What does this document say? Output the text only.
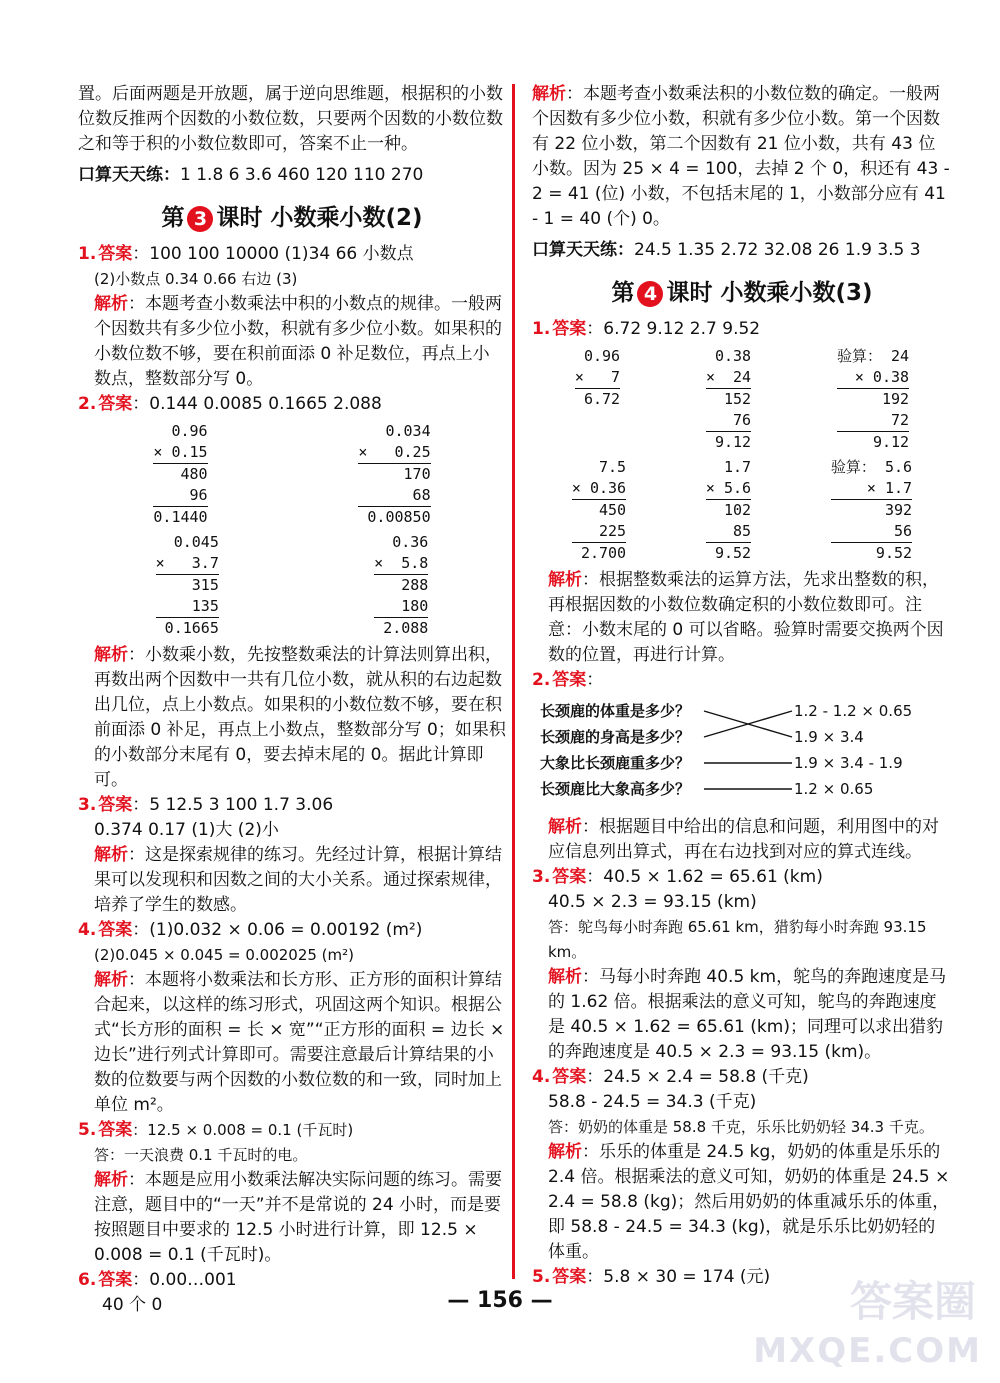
置。后面两题是开放题，属于逆向思维题，根据积的小数位数反推两个因数的小数位数，只要两个因数的小数位数之和等于积的小数位数即可，答案不止一种。

口算天天练：1 1.8 6 3.6 460 120 110 270

第 3 课时 小数乘小数(2)

1. 答案：100 100 10000 (1)34 66 小数点

(2)小数点 0.34 0.66 右边 (3)

解析：本题考查小数乘法中积的小数点的规律。一般两个因数共有多少位小数，积就有多少位小数。如果积的小数位数不够，要在积前面添 0 补足数位，再点上小数点，整数部分写 0。

2. 答案：0.144 0.0085 0.1665 2.088

0.96
× 0.15
480
96
0.1440
0.034
×   0.25
170
68
0.00850
0.045
×   3.7
315
135
0.1665
0.36
×  5.8
288
180
2.088

解析：小数乘小数，先按整数乘法的计算法则算出积，再数出两个因数中一共有几位小数，就从积的右边起数出几位，点上小数点。如果积的小数位数不够，要在积前面添 0 补足，再点上小数点，整数部分写 0；如果积的小数部分末尾有 0，要去掉末尾的 0。据此计算即可。

3. 答案：5 12.5 3 100 1.7 3.06

0.374 0.17 (1)大 (2)小

解析：这是探索规律的练习。先经过计算，根据计算结果可以发现积和因数之间的大小关系。通过探索规律，培养了学生的数感。

4. 答案：(1)0.032 × 0.06 = 0.00192 (m²)

(2)0.045 × 0.045 = 0.002025 (m²)

解析：本题将小数乘法和长方形、正方形的面积计算结合起来，以这样的练习形式，巩固这两个知识。根据公式“长方形的面积 = 长 × 宽”“正方形的面积 = 边长 × 边长”进行列式计算即可。需要注意最后计算结果的小数的位数要与两个因数的小数位数的和一致，同时加上单位 m²。

5. 答案：12.5 × 0.008 = 0.1 (千瓦时)

答：一天浪费 0.1 千瓦时的电。

解析：本题是应用小数乘法解决实际问题的练习。需要注意，题目中的“一天”并不是常说的 24 小时，而是要按照题目中要求的 12.5 小时进行计算，即 12.5 × 0.008 = 0.1 (千瓦时)。

6. 答案：0.00…001

40 个 0

解析：本题考查小数乘法积的小数位数的确定。一般两个因数有多少位小数，积就有多少位小数。第一个因数有 22 位小数，第二个因数有 21 位小数，共有 43 位小数。因为 25 × 4 = 100，去掉 2 个 0，积还有 43 - 2 = 41 (位) 小数，不包括末尾的 1，小数部分应有 41 - 1 = 40 (个) 0。

口算天天练：24.5 1.35 2.72 32.08 26 1.9 3.5 3

第 4 课时 小数乘小数(3)

1. 答案：6.72 9.12 2.7 9.52

0.96
×   7
6.72
0.38
×  24
152
76
9.12
验算： 24
× 0.38
192
72
9.12
7.5
× 0.36
450
225
2.700
1.7
× 5.6
102
85
9.52
验算： 5.6
× 1.7
392
56
9.52

解析：根据整数乘法的运算方法，先求出整数的积，再根据因数的小数位数确定积的小数位数即可。注意：小数末尾的 0 可以省略。验算时需要交换两个因数的位置，再进行计算。

2. 答案：

长颈鹿的体重是多少？
长颈鹿的身高是多少？
大象比长颈鹿重多少？
长颈鹿比大象高多少？
1.2 - 1.2 × 0.65
1.9 × 3.4
1.9 × 3.4 - 1.9
1.2 × 0.65

解析：根据题目中给出的信息和问题，利用图中的对应信息列出算式，再在右边找到对应的算式连线。

3. 答案：40.5 × 1.62 = 65.61 (km)

40.5 × 2.3 = 93.15 (km)

答：鸵鸟每小时奔跑 65.61 km，猎豹每小时奔跑 93.15 km。

解析：马每小时奔跑 40.5 km，鸵鸟的奔跑速度是马的 1.62 倍。根据乘法的意义可知，鸵鸟的奔跑速度是 40.5 × 1.62 = 65.61 (km)；同理可以求出猎豹的奔跑速度是 40.5 × 2.3 = 93.15 (km)。

4. 答案：24.5 × 2.4 = 58.8 (千克)

58.8 - 24.5 = 34.3 (千克)

答：奶奶的体重是 58.8 千克，乐乐比奶奶轻 34.3 千克。

解析：乐乐的体重是 24.5 kg，奶奶的体重是乐乐的 2.4 倍。根据乘法的意义可知，奶奶的体重是 24.5 × 2.4 = 58.8 (kg)；然后用奶奶的体重减乐乐的体重，即 58.8 - 24.5 = 34.3 (kg)，就是乐乐比奶奶轻的体重。

5. 答案：5.8 × 30 = 174 (元)

— 156 —	答案圈
MXQE.COM
